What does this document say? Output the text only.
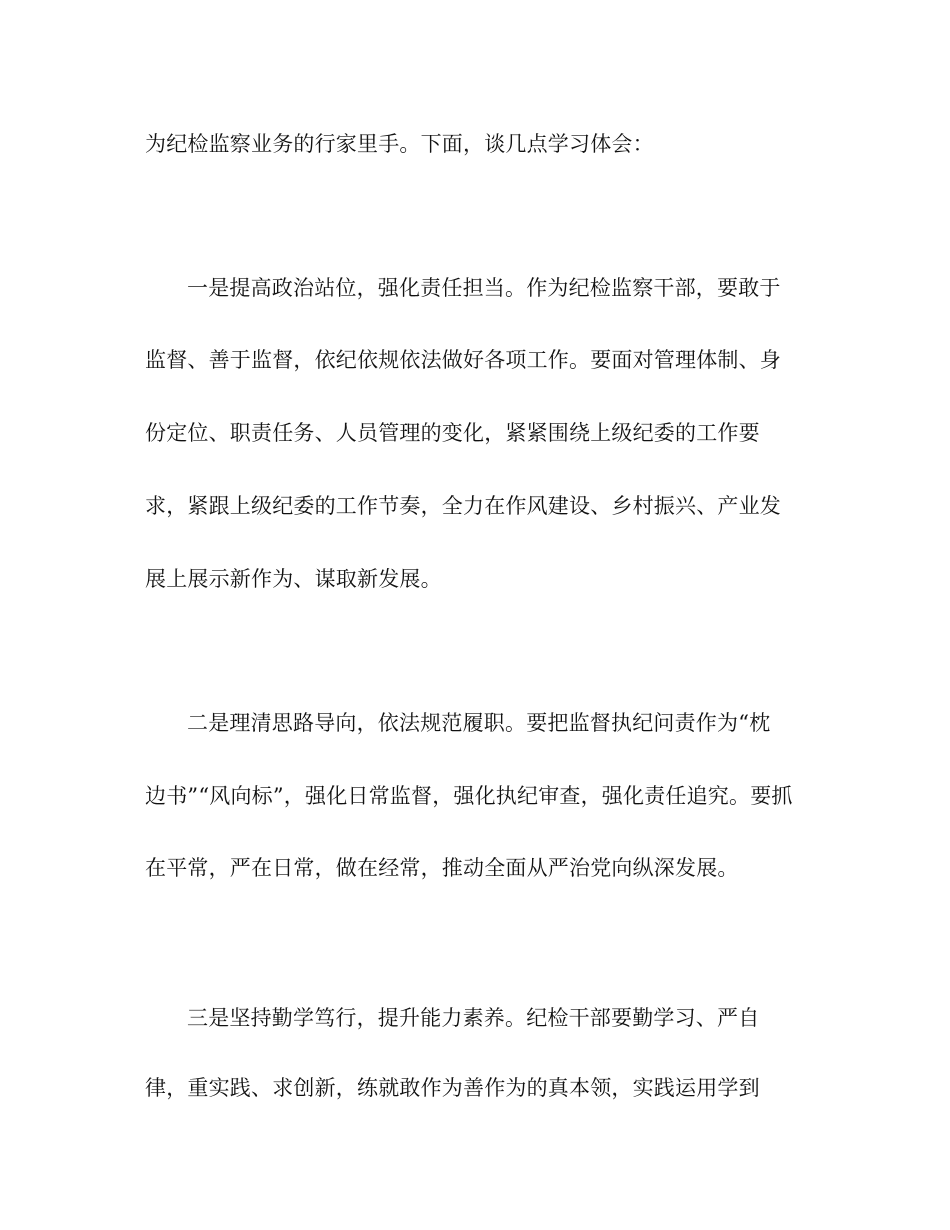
为纪检监察业务的行家里手。下面，谈几点学习体会：
一是提高政治站位，强化责任担当。作为纪检监察干部，要敢于
监督、善于监督，依纪依规依法做好各项工作。要面对管理体制、身
份定位、职责任务、人员管理的变化，紧紧围绕上级纪委的工作要
求，紧跟上级纪委的工作节奏，全力在作风建设、乡村振兴、产业发
展上展示新作为、谋取新发展。
二是理清思路导向，依法规范履职。要把监督执纪问责作为“枕
边书”“风向标”，强化日常监督，强化执纪审查，强化责任追究。要抓
在平常，严在日常，做在经常，推动全面从严治党向纵深发展。
三是坚持勤学笃行，提升能力素养。纪检干部要勤学习、严自
律，重实践、求创新，练就敢作为善作为的真本领，实践运用学到
